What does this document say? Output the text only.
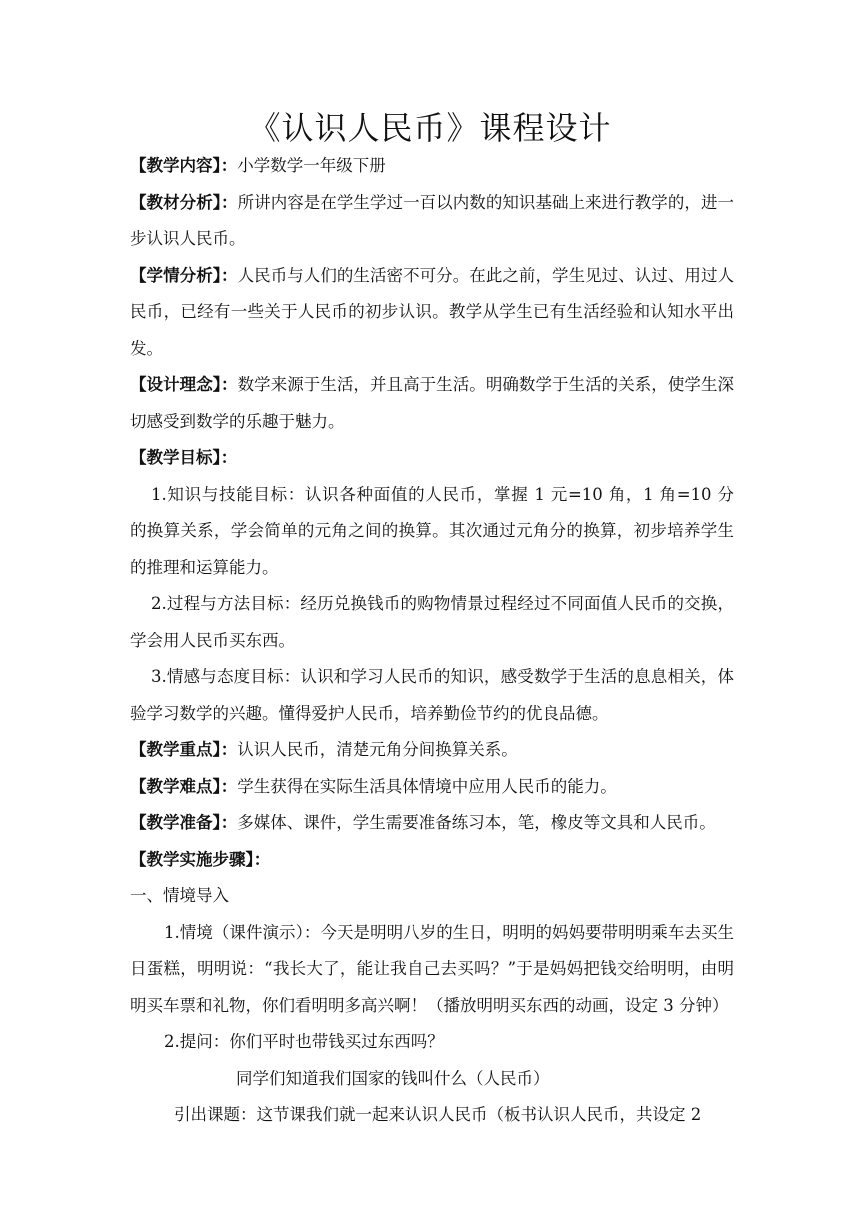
《认识人民币》课程设计

【教学内容】：小学数学一年级下册

【教材分析】：所讲内容是在学生学过一百以内数的知识基础上来进行教学的，进一步认识人民币。

【学情分析】：人民币与人们的生活密不可分。在此之前，学生见过、认过、用过人民币，已经有一些关于人民币的初步认识。教学从学生已有生活经验和认知水平出发。

【设计理念】：数学来源于生活，并且高于生活。明确数学于生活的关系，使学生深切感受到数学的乐趣于魅力。

【教学目标】：

1.知识与技能目标：认识各种面值的人民币，掌握 1 元=10 角，1 角=10 分　 的换算关系，学会简单的元角之间的换算。其次通过元角分的换算，初步培养学生的推理和运算能力。

2.过程与方法目标：经历兑换钱币的购物情景过程经过不同面值人民币的交换，学会用人民币买东西。

3.情感与态度目标：认识和学习人民币的知识，感受数学于生活的息息相关，体验学习数学的兴趣。懂得爱护人民币，培养勤俭节约的优良品德。

【教学重点】：认识人民币，清楚元角分间换算关系。

【教学难点】：学生获得在实际生活具体情境中应用人民币的能力。

【教学准备】：多媒体、课件，学生需要准备练习本，笔，橡皮等文具和人民币。

【教学实施步骤】：

一、情境导入

1.情境（课件演示）：今天是明明八岁的生日，明明的妈妈要带明明乘车去买生日蛋糕，明明说：“我长大了，能让我自己去买吗？”于是妈妈把钱交给明明，由明明买车票和礼物，你们看明明多高兴啊！（播放明明买东西的动画，设定 3 分钟）

2.提问：你们平时也带钱买过东西吗？

同学们知道我们国家的钱叫什么（人民币）

引出课题：这节课我们就一起来认识人民币（板书认识人民币，共设定 2
